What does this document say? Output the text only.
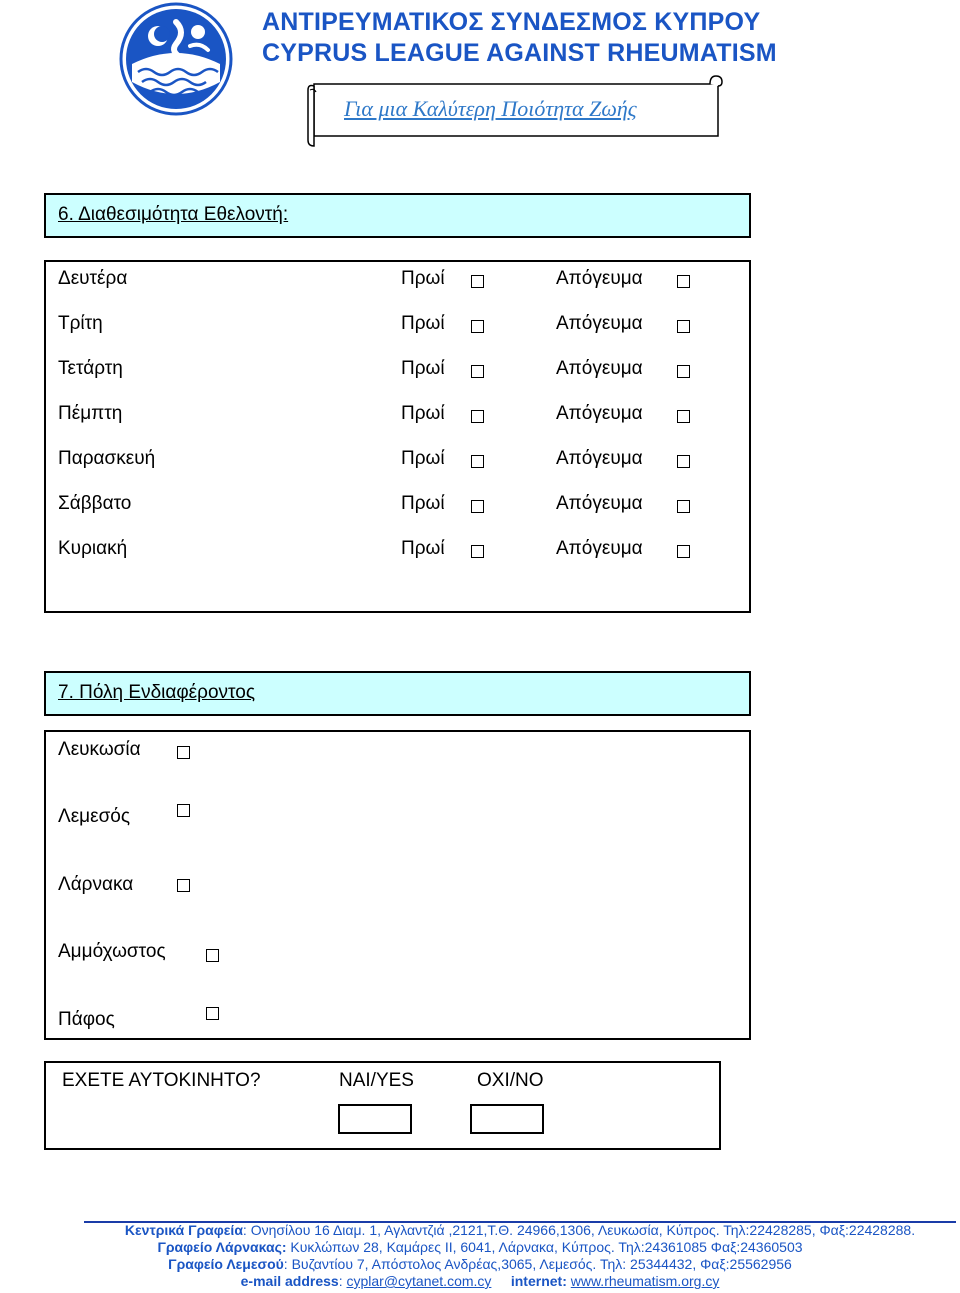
ΑΝΤΙΡΕΥΜΑΤΙΚΟΣ ΣΥΝΔΕΣΜΟΣ ΚΥΠΡΟΥ
CYPRUS LEAGUE AGAINST RHEUMATISM
Για μια Καλύτερη Ποιότητα Ζωής
6. Διαθεσιμότητα Εθελοντή:
Δευτέρα	Πρωί	Απόγευμα
Τρίτη	Πρωί	Απόγευμα
Τετάρτη	Πρωί	Απόγευμα
Πέμπτη	Πρωί	Απόγευμα
Παρασκευή	Πρωί	Απόγευμα
Σάββατο	Πρωί	Απόγευμα
Κυριακή	Πρωί	Απόγευμα
7. Πόλη Ενδιαφέροντος
Λευκωσία
Λεμεσός
Λάρνακα
Αμμόχωστος
Πάφος
ΕΧΕΤΕ ΑΥΤΟΚΙΝΗΤΟ?	ΝΑΙ/YES	ΟΧΙ/NO
Κεντρικά Γραφεία: Ονησίλου 16 Διαμ. 1, Αγλαντζιά ,2121,Τ.Θ. 24966,1306, Λευκωσία, Κύπρος. Τηλ:22428285, Φαξ:22428288.
Γραφείο Λάρνακας: Κυκλώπων 28, Καμάρες ΙΙ, 6041, Λάρνακα, Κύπρος. Τηλ:24361085 Φαξ:24360503
Γραφείο Λεμεσού: Βυζαντίου 7, Απόστολος Ανδρέας,3065, Λεμεσός. Τηλ: 25344432, Φαξ:25562956
e-mail address: cyplar@cytanet.com.cy internet: www.rheumatism.org.cy
